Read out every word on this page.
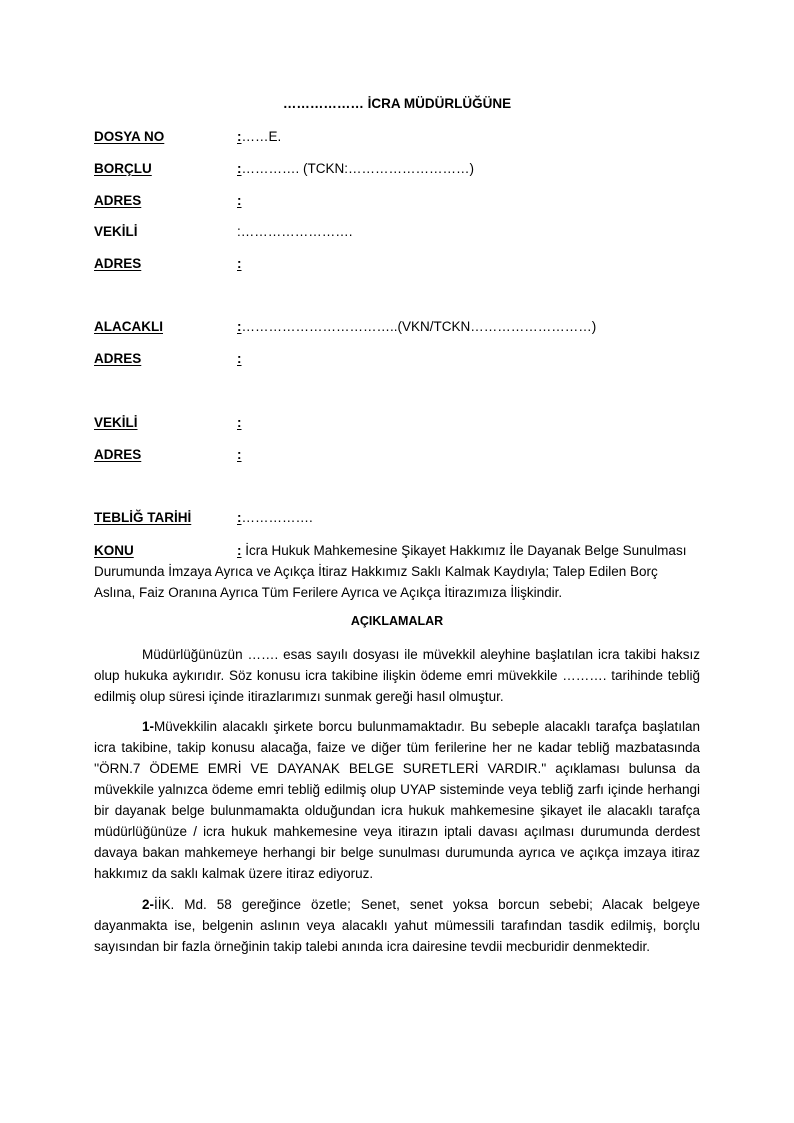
……………… İCRA MÜDÜRLÜĞÜNE
DOSYA NO	:……E.
BORÇLU	:…………. (TCKN:………………………)
ADRES	:
VEKİLİ	:…………………….
ADRES	:
ALACAKLI	:……………………………..(VKN/TCKN………………………)
ADRES	:
VEKİLİ	:
ADRES	:
TEBLİĞ TARİHİ	:…………….
KONU	: İcra Hukuk Mahkemesine Şikayet Hakkımız İle Dayanak Belge Sunulması Durumunda İmzaya Ayrıca ve Açıkça İtiraz Hakkımız Saklı Kalmak Kaydıyla; Talep Edilen Borç Aslına, Faiz Oranına Ayrıca Tüm Ferilere Ayrıca ve Açıkça İtirazımıza İlişkindir.
AÇIKLAMALAR
Müdürlüğünüzün ……. esas sayılı dosyası ile müvekkil aleyhine başlatılan icra takibi haksız olup hukuka aykırıdır. Söz konusu icra takibine ilişkin ödeme emri müvekkile ………. tarihinde tebliğ edilmiş olup süresi içinde itirazlarımızı sunmak gereği hasıl olmuştur.
1-Müvekkilin alacaklı şirkete borcu bulunmamaktadır. Bu sebeple alacaklı tarafça başlatılan icra takibine, takip konusu alacağa, faize ve diğer tüm ferilerine her ne kadar tebliğ mazbatasında ''ÖRN.7 ÖDEME EMRİ VE DAYANAK BELGE SURETLERİ VARDIR.'' açıklaması bulunsa da müvekkile yalnızca ödeme emri tebliğ edilmiş olup UYAP sisteminde veya tebliğ zarfı içinde herhangi bir dayanak belge bulunmamakta olduğundan icra hukuk mahkemesine şikayet ile alacaklı tarafça müdürlüğünüze / icra hukuk mahkemesine veya itirazın iptali davası açılması durumunda derdest davaya bakan mahkemeye herhangi bir belge sunulması durumunda ayrıca ve açıkça imzaya itiraz hakkımız da saklı kalmak üzere itiraz ediyoruz.
2-İİK. Md. 58 gereğince özetle; Senet, senet yoksa borcun sebebi; Alacak belgeye dayanmakta ise, belgenin aslının veya alacaklı yahut mümessili tarafından tasdik edilmiş, borçlu sayısından bir fazla örneğinin takip talebi anında icra dairesine tevdii mecburidir denmektedir.
